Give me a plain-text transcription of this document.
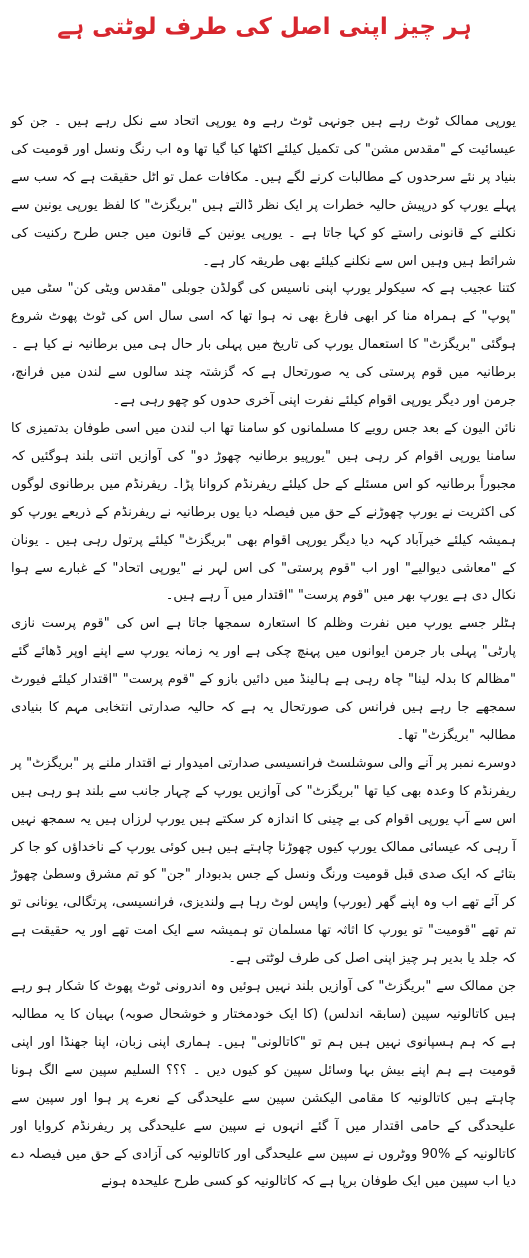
ہر چیز اپنی اصل کی طرف لوٹتی ہے

یورپی ممالک ٹوٹ رہے ہیں جونہی ٹوٹ رہے وہ یورپی اتحاد سے نکل رہے ہیں ۔ جن کو عیسائیت کے "مقدس مشن" کی تکمیل کیلئے اکٹھا کیا گیا تھا وہ اب رنگ ونسل اور قومیت کی بنیاد پر نئے سرحدوں کے مطالبات کرنے لگے ہیں۔ مکافات عمل تو اٹل حقیقت ہے کہ سب سے پہلے یورپ کو درپیش حالیہ خطرات پر ایک نظر ڈالتے ہیں "بریگزٹ" کا لفظ یورپی یونین سے نکلنے کے قانونی راستے کو کہا جاتا ہے ۔ یورپی یونین کے قانون میں جس طرح رکنیت کی شرائط ہیں وہیں اس سے نکلنے کیلئے بھی طریقہ کار ہے۔

کتنا عجیب ہے کہ سیکولر یورپ اپنی ناسیس کی گولڈن جوبلی "مقدس ویٹی کن" سٹی میں "پوپ" کے ہمراہ منا کر ابھی فارغ بھی نہ ہوا تھا کہ اسی سال اس کی ٹوٹ پھوٹ شروع ہوگئی "بریگزٹ" کا استعمال یورپ کی تاریخ میں پہلی بار حال ہی میں برطانیہ نے کیا ہے ۔ برطانیہ میں قوم پرستی کی یہ صورتحال ہے کہ گزشتہ چند سالوں سے لندن میں فرانچ، جرمن اور دیگر یورپی اقوام کیلئے نفرت اپنی آخری حدوں کو چھو رہی ہے۔

نائن الیون کے بعد جس رویے کا مسلمانوں کو سامنا تھا اب لندن میں اسی طوفان بدتمیزی کا سامنا یورپی اقوام کر رہی ہیں "یورپیو برطانیہ چھوڑ دو" کی آوازیں اتنی بلند ہوگئیں کہ مجبوراً برطانیہ کو اس مسئلے کے حل کیلئے ریفرنڈم کروانا پڑا۔ ریفرنڈم میں برطانوی لوگوں کی اکثریت نے یورپ چھوڑنے کے حق میں فیصلہ دیا یوں برطانیہ نے ریفرنڈم کے ذریعے یورپ کو ہمیشہ کیلئے خیرآباد کہہ دیا دیگر یورپی اقوام بھی "بریگزٹ" کیلئے پرتول رہی ہیں ۔ یونان کے "معاشی دیوالیے" اور اب "قوم پرستی" کی اس لہر نے "یورپی اتحاد" کے غبارے سے ہوا نکال دی ہے یورپ بھر میں "قوم پرست" "اقتدار میں آ رہے ہیں۔

ہٹلر جسے یورپ میں نفرت وظلم کا استعارہ سمجھا جاتا ہے اس کی "قوم پرست نازی پارٹی" پہلی بار جرمن ایوانوں میں پہنچ چکی ہے اور یہ زمانہ یورپ سے اپنے اوپر ڈھائے گئے "مظالم کا بدلہ لینا" چاہ رہی ہے ہالینڈ میں دائیں بازو کے "قوم پرست" "اقتدار کیلئے فیورٹ سمجھے جا رہے ہیں فرانس کی صورتحال یہ ہے کہ حالیہ صدارتی انتخابی مہم کا بنیادی مطالبہ "بریگزٹ" تھا۔

دوسرے نمبر پر آنے والی سوشلسٹ فرانسیسی صدارتی امیدوار نے اقتدار ملنے پر "بریگزٹ" پر ریفرنڈم کا وعدہ بھی کیا تھا "بریگزٹ" کی آوازیں یورپ کے چہار جانب سے بلند ہو رہی ہیں اس سے آپ یورپی اقوام کی بے چینی کا اندازہ کر سکتے ہیں یورپ لرزاں ہیں یہ سمجھ نہیں آ رہی کہ عیسائی ممالک یورپ کیوں چھوڑنا چاہتے ہیں ہیں کوئی یورپ کے ناخداؤں کو جا کر بتائے کہ ایک صدی قبل قومیت ورنگ ونسل کے جس بدبودار "جن" کو تم مشرق وسطیٰ چھوڑ کر آئے تھے اب وہ اپنے گھر (یورپ) واپس لوٹ رہا ہے ولندیزی، فرانسیسی، پرتگالی، یونانی تو تم تھے "قومیت" تو یورپ کا اثاثہ تھا مسلمان تو ہمیشہ سے ایک امت تھے اور یہ حقیقت ہے کہ جلد یا بدیر ہر چیز اپنی اصل کی طرف لوٹتی ہے۔

جن ممالک سے "بریگزٹ" کی آوازیں بلند نہیں ہوئیں وہ اندرونی ٹوٹ پھوٹ کا شکار ہو رہے ہیں کاتالونیہ سپین (سابقہ اندلس) (کا ایک خودمختار و خوشحال صوبہ) بہیان کا یہ مطالبہ ہے کہ ہم ہسپانوی نہیں ہیں ہم تو "کاتالونی" ہیں۔ ہماری اپنی زبان، اپنا جھنڈا اور اپنی قومیت ہے ہم اپنے بیش بہا وسائل سپین کو کیوں دیں ۔ ؟؟؟ السلیم سپین سے الگ ہونا چاہتے ہیں کاتالونیہ کا مقامی الیکشن سپین سے علیحدگی کے نعرے پر ہوا اور سپین سے علیحدگی کے حامی اقتدار میں آ گئے انہوں نے سپین سے علیحدگی پر ریفرنڈم کروایا اور کاتالونیہ کے %90 ووٹروں نے سپین سے علیحدگی اور کاتالونیہ کی آزادی کے حق میں فیصلہ دے دیا اب سپین میں ایک طوفان برپا ہے کہ کاتالونیہ کو کسی طرح علیحدہ ہونے
